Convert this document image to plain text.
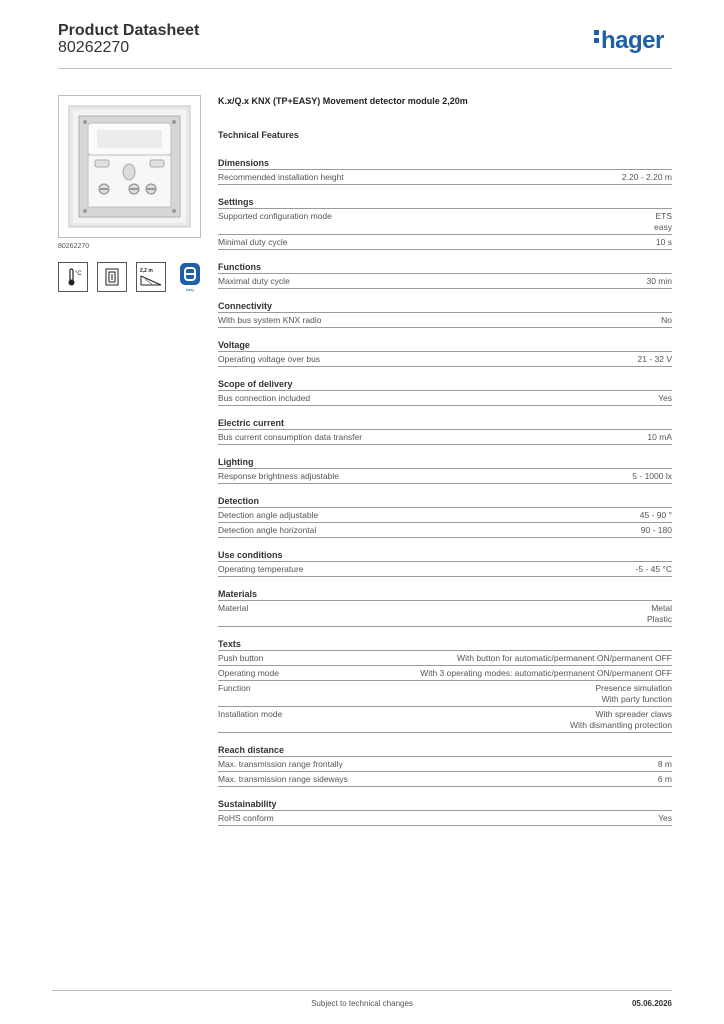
Product Datasheet
80262270	hager
80262270
°C	2,2 m
easy
K.x/Q.x KNX (TP+EASY) Movement detector module 2,20m
Technical Features
Dimensions
Recommended installation height	2.20 - 2.20 m
Settings
Supported configuration mode	ETS
easy
Minimal duty cycle	10 s
Functions
Maximal duty cycle	30 min
Connectivity
With bus system KNX radio	No
Voltage
Operating voltage over bus	21 - 32 V
Scope of delivery
Bus connection included	Yes
Electric current
Bus current consumption data transfer	10 mA
Lighting
Response brightness adjustable	5 - 1000 lx
Detection
Detection angle adjustable	45 - 90 °
Detection angle horizontal	90 - 180
Use conditions
Operating temperature	-5 - 45 °C
Materials
Material	Metal
Plastic
Texts
Push button	With button for automatic/permanent ON/permanent OFF
Operating mode	With 3 operating modes: automatic/permanent ON/permanent OFF
Function	Presence simulation
With party function
Installation mode	With spreader claws
With dismantling protection
Reach distance
Max. transmission range frontally	8 m
Max. transmission range sideways	6 m
Sustainability
RoHS conform	Yes
Subject to technical changes	05.06.2026
